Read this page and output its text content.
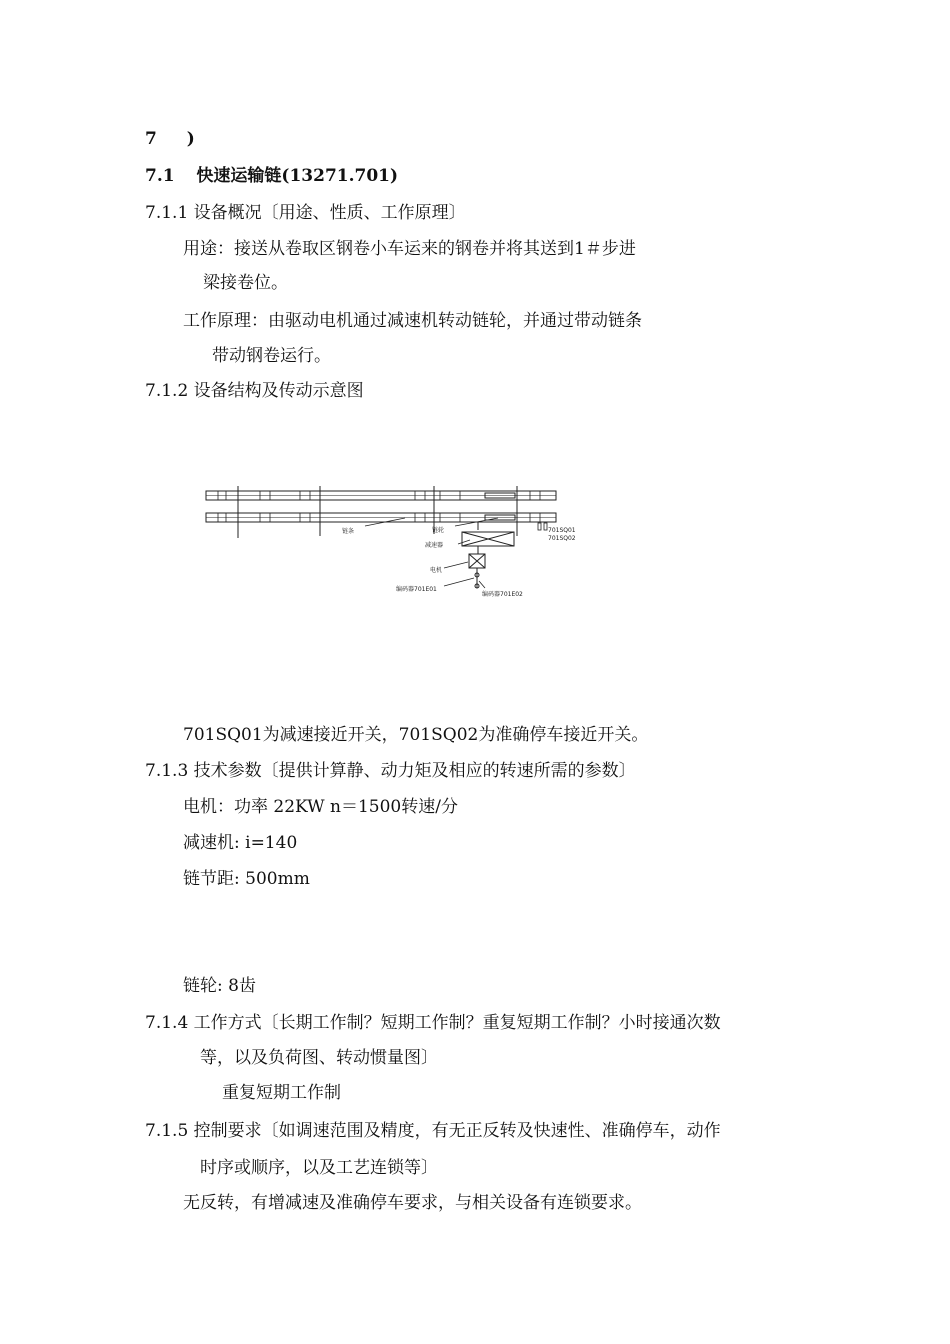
7 )
7.1 快速运输链(13271.701)
7.1.1 设备概况〔用途、性质、工作原理〕
用途：接送从卷取区钢卷小车运来的钢卷并将其送到1＃步进
梁接卷位。
工作原理：由驱动电机通过减速机转动链轮，并通过带动链条
带动钢卷运行。
7.1.2 设备结构及传动示意图
链条	链轮
减速器
电机
编码器701E01
编码器701E02
701SQ01
701SQ02
701SQ01为减速接近开关，701SQ02为准确停车接近开关。
7.1.3 技术参数〔提供计算静、动力矩及相应的转速所需的参数〕
电机：功率 22KW n＝1500转速/分
减速机: i=140
链节距: 500mm
链轮: 8齿
7.1.4 工作方式〔长期工作制？短期工作制？重复短期工作制？小时接通次数
等，以及负荷图、转动惯量图〕
重复短期工作制
7.1.5 控制要求〔如调速范围及精度，有无正反转及快速性、准确停车，动作
时序或顺序，以及工艺连锁等〕
无反转，有增减速及准确停车要求，与相关设备有连锁要求。
